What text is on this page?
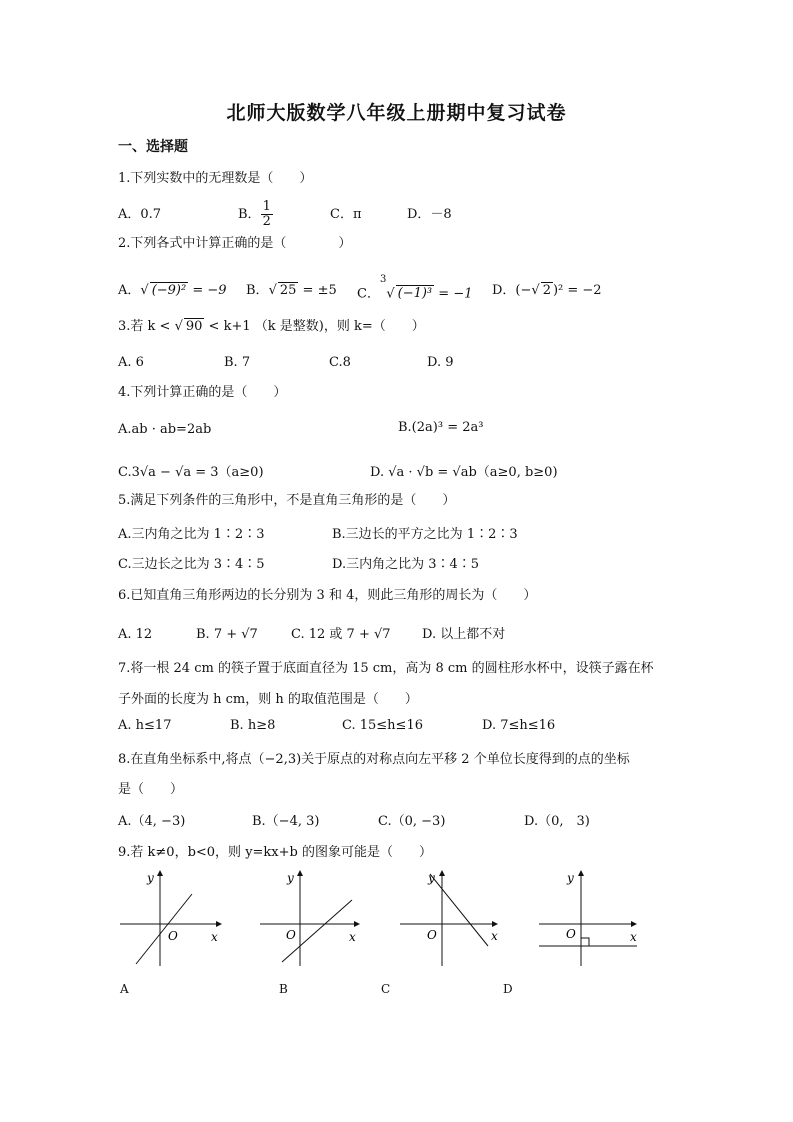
北师大版数学八年级上册期中复习试卷
一、选择题
1.下列实数中的无理数是（　　）
A．0.7	B． $\frac{1}{2}$	C．π	D．－8
2.下列各式中计算正确的是（　　　　）
A．√ (−9)² = −9 B．√ 25 = ±5 C．$^3$√ (−1)³ = −1 D．(−√ 2 )² = −2
3.若 k < √ 90 < k+1 （k 是整数)，则 k=（　　）
A. 6	B. 7	C.8	D. 9
4.下列计算正确的是（　　）
A.ab · ab=2ab	B.(2a)³ = 2a³
C.3√a − √a = 3（a≥0)	D. √a · √b = √ab（a≥0, b≥0)
5.满足下列条件的三角形中，不是直角三角形的是（　　）
A.三内角之比为 1∶2∶3	B.三边长的平方之比为 1∶2∶3
C.三边长之比为 3∶4∶5	D.三内角之比为 3∶4∶5
6.已知直角三角形两边的长分别为 3 和 4，则此三角形的周长为（　　）
A. 12	B. 7 + √7	C. 12 或 7 + √7 D. 以上都不对
7.将一根 24 cm 的筷子置于底面直径为 15 cm，高为 8 cm 的圆柱形水杯中，设筷子露在杯
子外面的长度为 h cm，则 h 的取值范围是（　　）
A. h≤17	B. h≥8	C. 15≤h≤16	D. 7≤h≤16
8.在直角坐标系中,将点（−2,3)关于原点的对称点向左平移 2 个单位长度得到的点的坐标
是（　　）
A.（4, −3)	B.（−4, 3)	C.（0, −3)	D.（0,　3)
9.若 k≠0，b<0，则 y=kx+b 的图象可能是（　　）
y
x
O
y
x
O
y
x
O
y
x
O
A	B	C	D
